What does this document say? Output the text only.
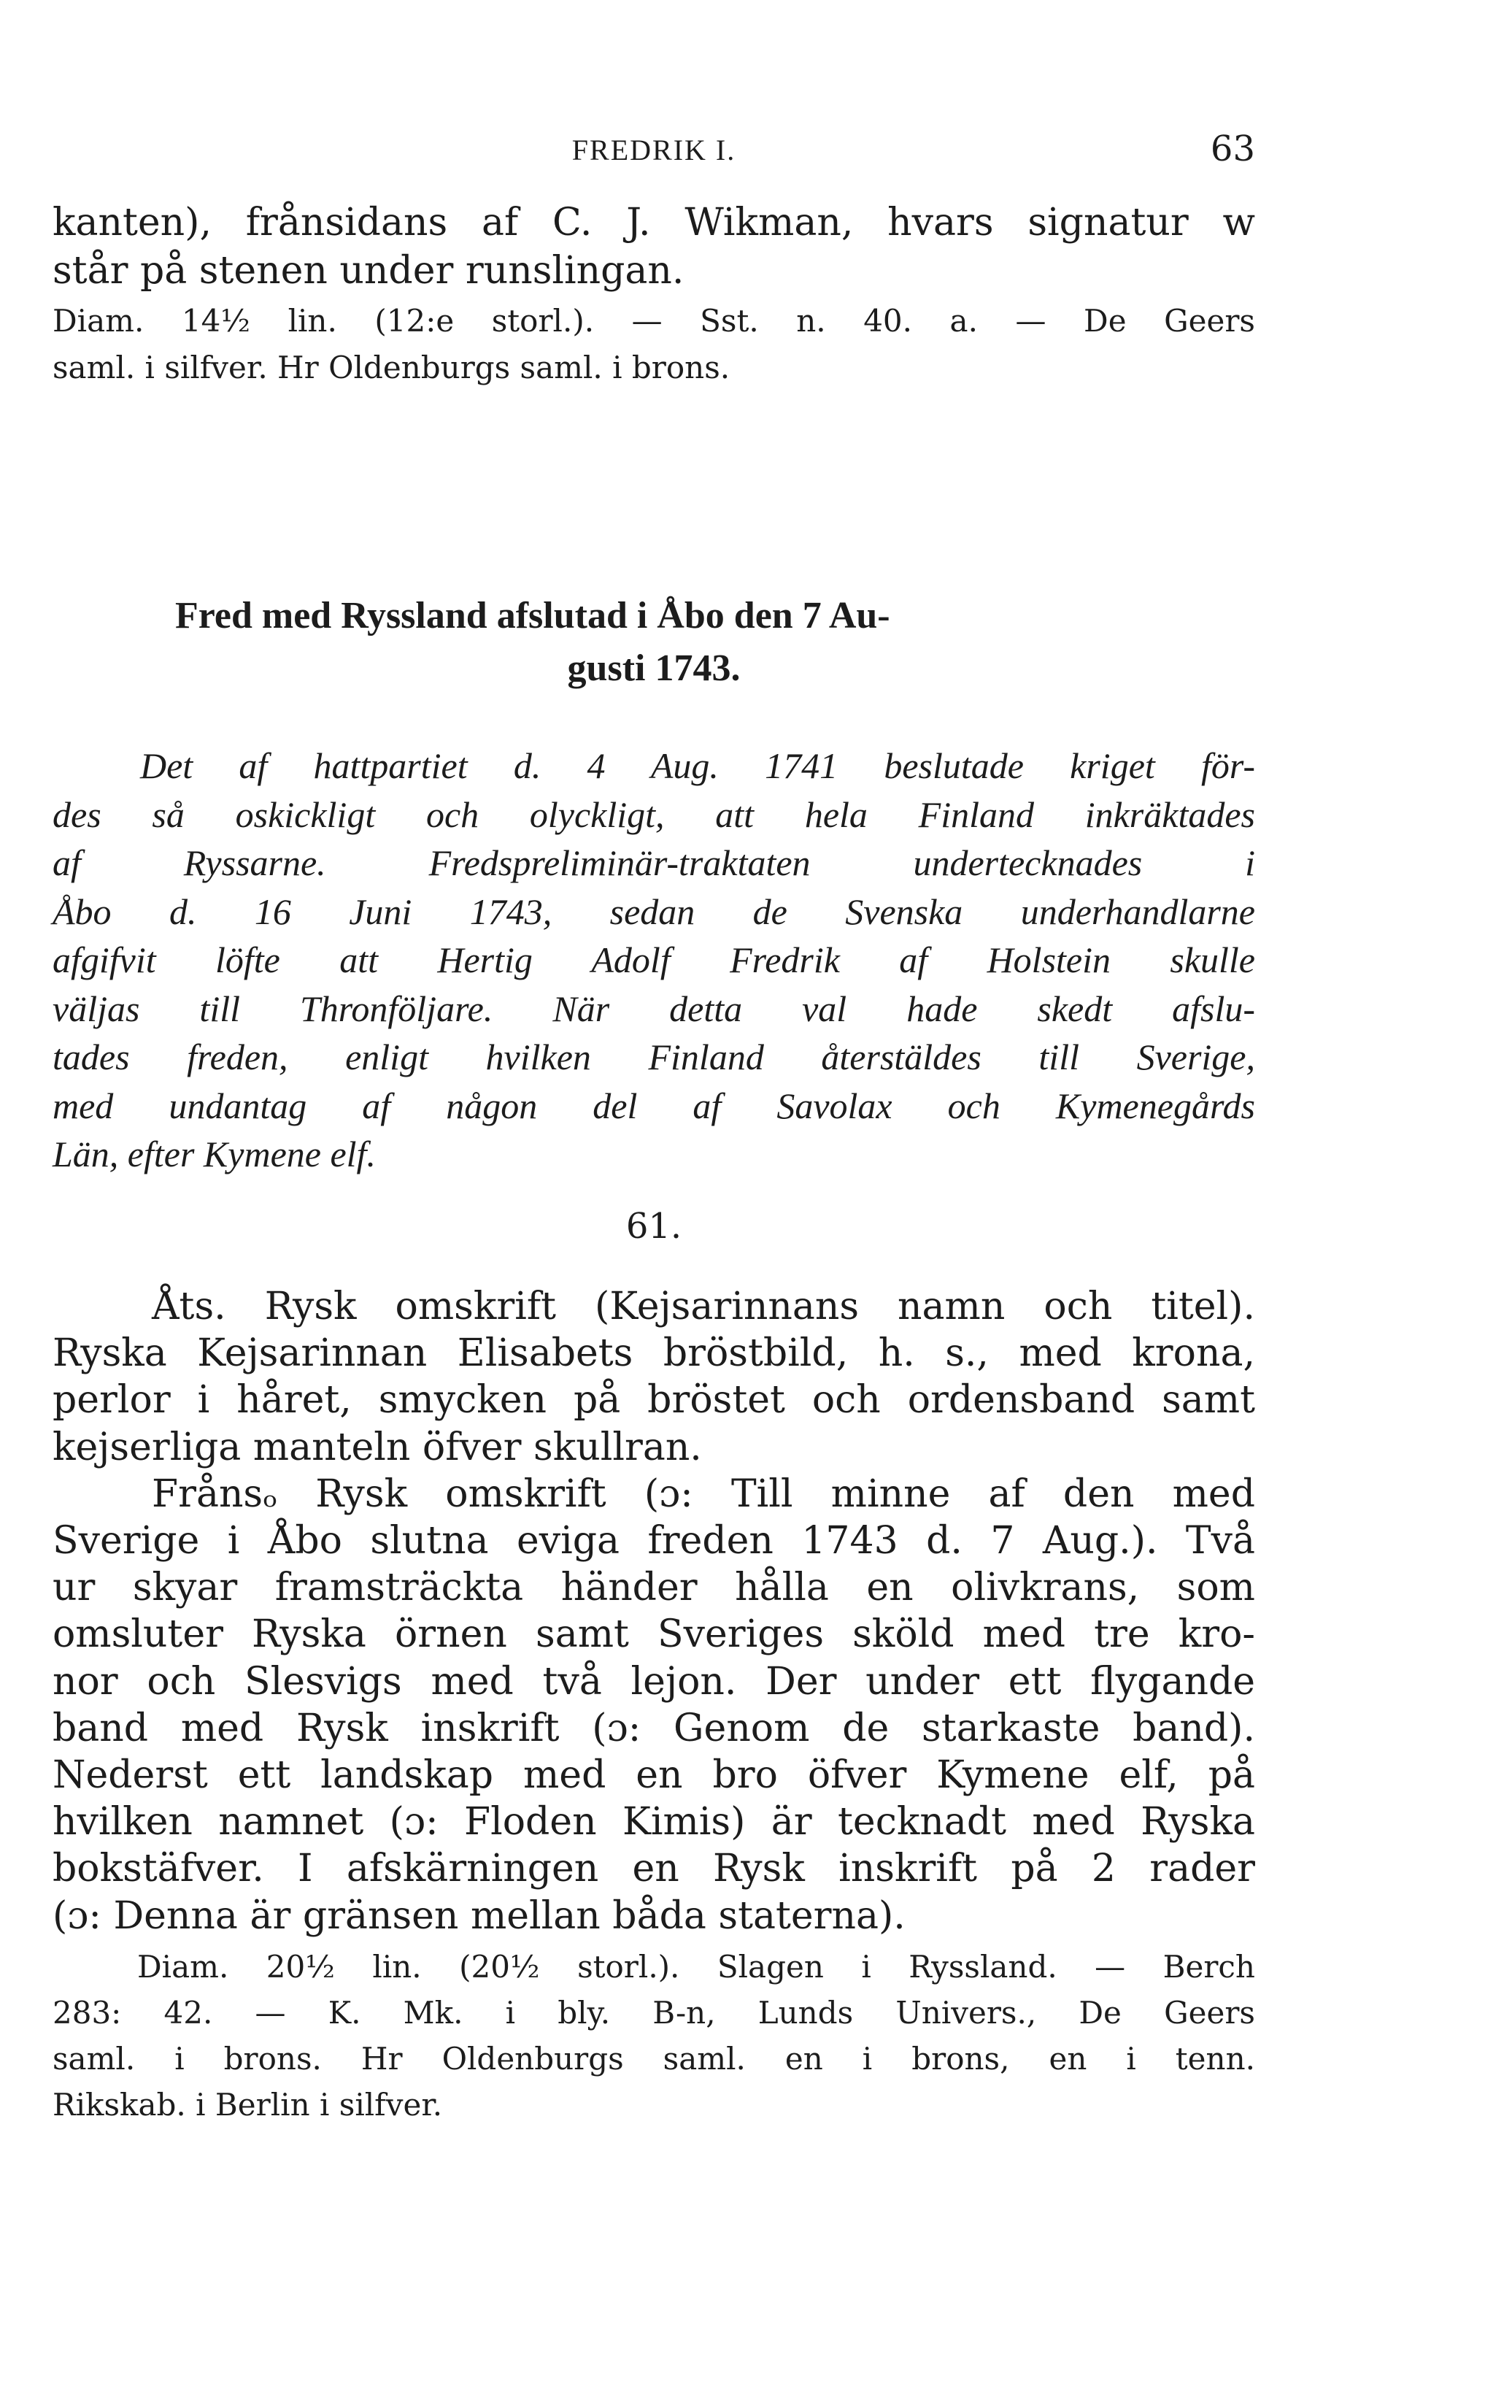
FREDRIK I.	63
kanten), frånsidans af C. J. Wikman, hvars signatur w
står på stenen under runslingan.
Diam. 14½ lin. (12:e storl.). — Sst. n. 40. a. — De Geers
saml. i silfver. Hr Oldenburgs saml. i brons.
Fred med Ryssland afslutad i Åbo den 7 Au-
gusti 1743.
Det af hattpartiet d. 4 Aug. 1741 beslutade kriget för-
des så oskickligt och olyckligt, att hela Finland inkräktades
af Ryssarne. Fredspreliminär-traktaten undertecknades i
Åbo d. 16 Juni 1743, sedan de Svenska underhandlarne
afgifvit löfte att Hertig Adolf Fredrik af Holstein skulle
väljas till Thronföljare. När detta val hade skedt afslu-
tades freden, enligt hvilken Finland återstäldes till Sverige,
med undantag af någon del af Savolax och Kymenegårds
Län, efter Kymene elf.
61.
Åts. Rysk omskrift (Kejsarinnans namn och titel).
Ryska Kejsarinnan Elisabets bröstbild, h. s., med krona,
perlor i håret, smycken på bröstet och ordensband samt
kejserliga manteln öfver skullran.
Frånsₒ Rysk omskrift (ɔ: Till minne af den med
Sverige i Åbo slutna eviga freden 1743 d. 7 Aug.). Två
ur skyar framsträckta händer hålla en olivkrans, som
omsluter Ryska örnen samt Sveriges sköld med tre kro-
nor och Slesvigs med två lejon. Der under ett flygande
band med Rysk inskrift (ɔ: Genom de starkaste band).
Nederst ett landskap med en bro öfver Kymene elf, på
hvilken namnet (ɔ: Floden Kimis) är tecknadt med Ryska
bokstäfver. I afskärningen en Rysk inskrift på 2 rader
(ɔ: Denna är gränsen mellan båda staterna).
Diam. 20½ lin. (20½ storl.). Slagen i Ryssland. — Berch
283: 42. — K. Mk. i bly. B-n, Lunds Univers., De Geers
saml. i brons. Hr Oldenburgs saml. en i brons, en i tenn.
Rikskab. i Berlin i silfver.
